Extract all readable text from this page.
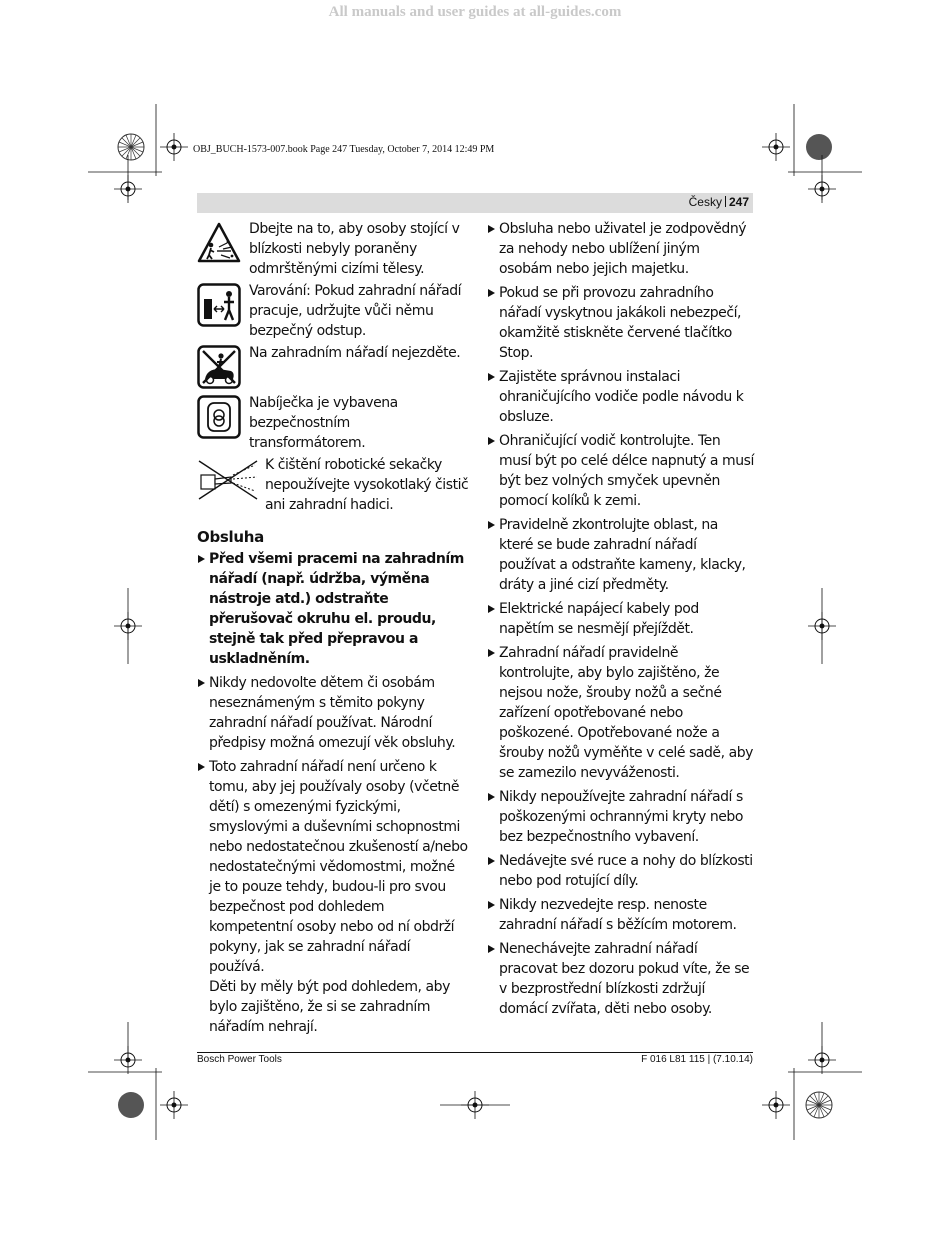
All manuals and user guides at all-guides.com
OBJ_BUCH-1573-007.book Page 247 Tuesday, October 7, 2014 12:49 PM
Česky 247
Dbejte na to, aby osoby stojící v blízkosti nebyly poraněny odmrštěnými cizími tělesy.
Varování: Pokud zahradní nářadí pracuje, udržujte vůči němu bezpečný odstup.
Na zahradním nářadí nejezděte.
Nabíječka je vybavena bezpečnostním transformátorem.
K čištění robotické sekačky nepoužívejte vysokotlaký čistič ani zahradní hadici.
Obsluha
Před všemi pracemi na zahradním nářadí (např. údržba, výměna nástroje atd.) odstraňte přerušovač okruhu el. proudu, stejně tak před přepravou a uskladněním.
Nikdy nedovolte dětem či osobám neseznámeným s těmito pokyny zahradní nářadí používat. Národní předpisy možná omezují věk obsluhy.
Toto zahradní nářadí není určeno k tomu, aby jej používaly osoby (včetně dětí) s omezenými fyzickými, smyslovými a duševními schopnostmi nebo nedostatečnou zkušeností a/nebo nedostatečnými vědomostmi, možné je to pouze tehdy, budou-li pro svou bezpečnost pod dohledem kompetentní osoby nebo od ní obdrží pokyny, jak se zahradní nářadí používá.
Děti by měly být pod dohledem, aby bylo zajištěno, že si se zahradním nářadím nehrají.
Obsluha nebo uživatel je zodpovědný za nehody nebo ublížení jiným osobám nebo jejich majetku.
Pokud se při provozu zahradního nářadí vyskytnou jakákoli nebezpečí, okamžitě stiskněte červené tlačítko Stop.
Zajistěte správnou instalaci ohraničujícího vodiče podle návodu k obsluze.
Ohraničující vodič kontrolujte. Ten musí být po celé délce napnutý a musí být bez volných smyček upevněn pomocí kolíků k zemi.
Pravidelně zkontrolujte oblast, na které se bude zahradní nářadí používat a odstraňte kameny, klacky, dráty a jiné cizí předměty.
Elektrické napájecí kabely pod napětím se nesmějí přejíždět.
Zahradní nářadí pravidelně kontrolujte, aby bylo zajištěno, že nejsou nože, šrouby nožů a sečné zařízení opotřebované nebo poškozené. Opotřebované nože a šrouby nožů vyměňte v celé sadě, aby se zamezilo nevyváženosti.
Nikdy nepoužívejte zahradní nářadí s poškozenými ochrannými kryty nebo bez bezpečnostního vybavení.
Nedávejte své ruce a nohy do blízkosti nebo pod rotující díly.
Nikdy nezvedejte resp. nenoste zahradní nářadí s běžícím motorem.
Nenechávejte zahradní nářadí pracovat bez dozoru pokud víte, že se v bezprostřední blízkosti zdržují domácí zvířata, děti nebo osoby.
Bosch Power Tools	F 016 L81 115 | (7.10.14)
